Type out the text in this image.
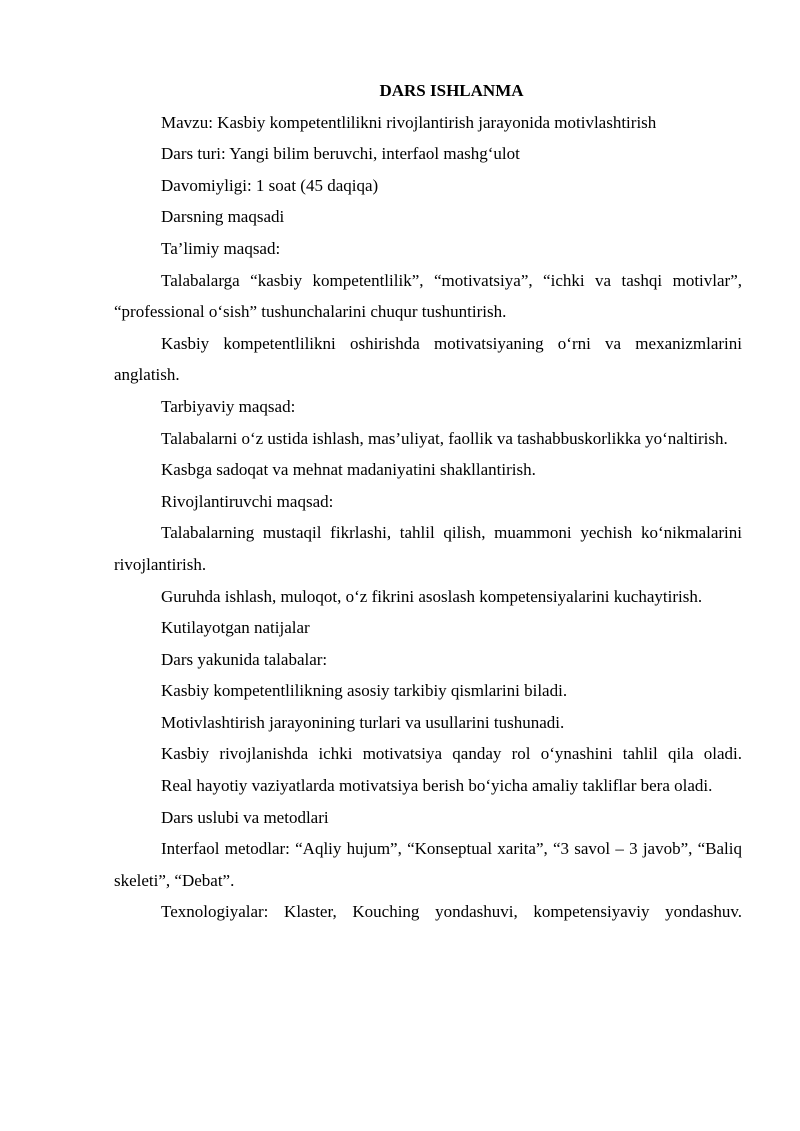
DARS ISHLANMA

Mavzu: Kasbiy kompetentlilikni rivojlantirish jarayonida motivlashtirish

Dars turi: Yangi bilim beruvchi, interfaol mashg‘ulot

Davomiyligi: 1 soat (45 daqiqa)

Darsning maqsadi

Ta’limiy maqsad:

Talabalarga “kasbiy kompetentlilik”, “motivatsiya”, “ichki va tashqi motivlar”, “professional o‘sish” tushunchalarini chuqur tushuntirish.

Kasbiy kompetentlilikni oshirishda motivatsiyaning o‘rni va mexanizmlarini anglatish.

Tarbiyaviy maqsad:

Talabalarni o‘z ustida ishlash, mas’uliyat, faollik va tashabbuskorlikka yo‘naltirish.

Kasbga sadoqat va mehnat madaniyatini shakllantirish.

Rivojlantiruvchi maqsad:

Talabalarning mustaqil fikrlashi, tahlil qilish, muammoni yechish ko‘nikmalarini rivojlantirish.

Guruhda ishlash, muloqot, o‘z fikrini asoslash kompetensiyalarini kuchaytirish.

Kutilayotgan natijalar

Dars yakunida talabalar:

Kasbiy kompetentlilikning asosiy tarkibiy qismlarini biladi.

Motivlashtirish jarayonining turlari va usullarini tushunadi.

Kasbiy rivojlanishda ichki motivatsiya qanday rol o‘ynashini tahlil qila oladi.

Real hayotiy vaziyatlarda motivatsiya berish bo‘yicha amaliy takliflar bera oladi.

Dars uslubi va metodlari

Interfaol metodlar: “Aqliy hujum”, “Konseptual xarita”, “3 savol – 3 javob”, “Baliq skeleti”, “Debat”.

Texnologiyalar: Klaster, Kouching yondashuvi, kompetensiyaviy yondashuv.
